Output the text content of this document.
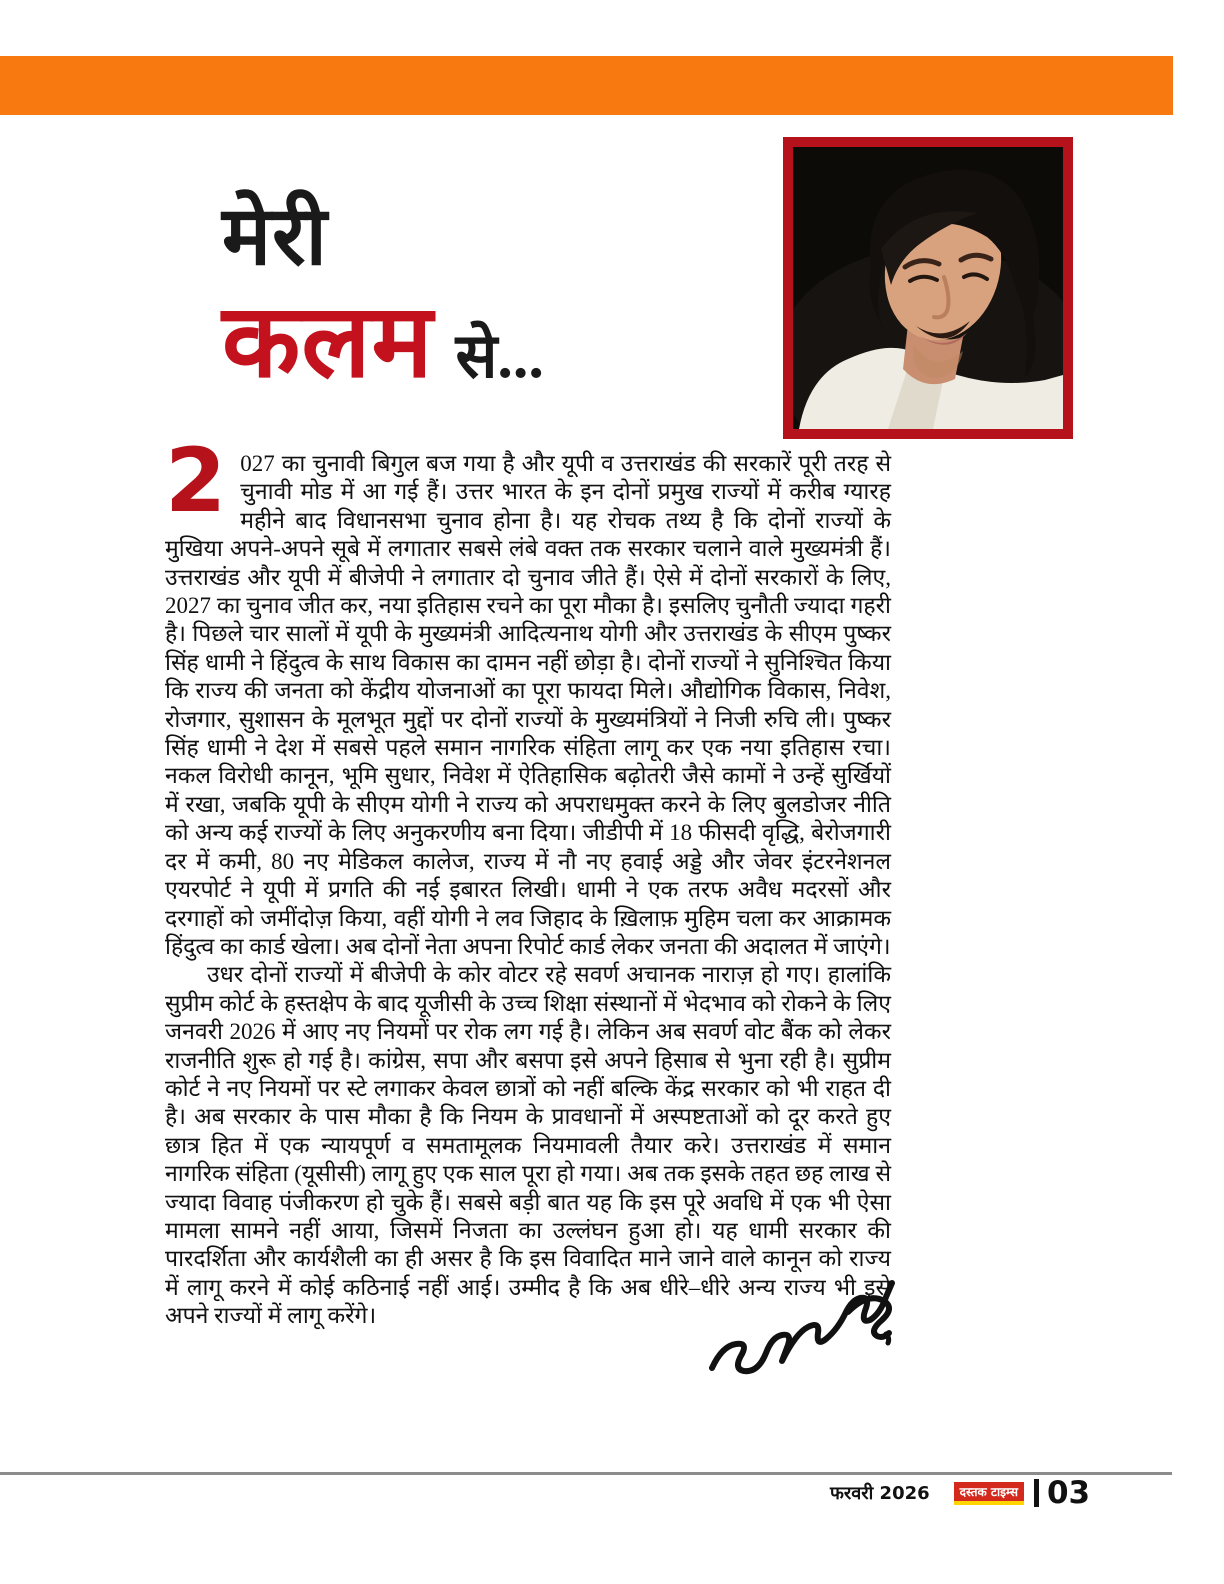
मेरी
कलम से...

2 027 का चुनावी बिगुल बज गया है और यूपी व उत्तराखंड की सरकारें पूरी तरह से चुनावी मोड में आ गई हैं। उत्तर भारत के इन दोनों प्रमुख राज्यों में करीब ग्यारह महीने बाद विधानसभा चुनाव होना है। यह रोचक तथ्य है कि दोनों राज्यों के मुखिया अपने-अपने सूबे में लगातार सबसे लंबे वक्त तक सरकार चलाने वाले मुख्यमंत्री हैं। उत्तराखंड और यूपी में बीजेपी ने लगातार दो चुनाव जीते हैं। ऐसे में दोनों सरकारों के लिए, 2027 का चुनाव जीत कर, नया इतिहास रचने का पूरा मौका है। इसलिए चुनौती ज्यादा गहरी है। पिछले चार सालों में यूपी के मुख्यमंत्री आदित्यनाथ योगी और उत्तराखंड के सीएम पुष्कर सिंह धामी ने हिंदुत्व के साथ विकास का दामन नहीं छोड़ा है। दोनों राज्यों ने सुनिश्चित किया कि राज्य की जनता को केंद्रीय योजनाओं का पूरा फायदा मिले। औद्योगिक विकास, निवेश, रोजगार, सुशासन के मूलभूत मुद्दों पर दोनों राज्यों के मुख्यमंत्रियों ने निजी रुचि ली। पुष्कर सिंह धामी ने देश में सबसे पहले समान नागरिक संहिता लागू कर एक नया इतिहास रचा। नकल विरोधी कानून, भूमि सुधार, निवेश में ऐतिहासिक बढ़ोतरी जैसे कामों ने उन्हें सुर्खियों में रखा, जबकि यूपी के सीएम योगी ने राज्य को अपराधमुक्त करने के लिए बुलडोजर नीति को अन्य कई राज्यों के लिए अनुकरणीय बना दिया। जीडीपी में 18 फीसदी वृद्धि, बेरोजगारी दर में कमी, 80 नए मेडिकल कालेज, राज्य में नौ नए हवाई अड्डे और जेवर इंटरनेशनल एयरपोर्ट ने यूपी में प्रगति की नई इबारत लिखी। धामी ने एक तरफ अवैध मदरसों और दरगाहों को जमींदोज़ किया, वहीं योगी ने लव जिहाद के ख़िलाफ़ मुहिम चला कर आक्रामक हिंदुत्व का कार्ड खेला। अब दोनों नेता अपना रिपोर्ट कार्ड लेकर जनता की अदालत में जाएंगे।

उधर दोनों राज्यों में बीजेपी के कोर वोटर रहे सवर्ण अचानक नाराज़ हो गए। हालांकि सुप्रीम कोर्ट के हस्तक्षेप के बाद यूजीसी के उच्च शिक्षा संस्थानों में भेदभाव को रोकने के लिए जनवरी 2026 में आए नए नियमों पर रोक लग गई है। लेकिन अब सवर्ण वोट बैंक को लेकर राजनीति शुरू हो गई है। कांग्रेस, सपा और बसपा इसे अपने हिसाब से भुना रही है। सुप्रीम कोर्ट ने नए नियमों पर स्टे लगाकर केवल छात्रों को नहीं बल्कि केंद्र सरकार को भी राहत दी है। अब सरकार के पास मौका है कि नियम के प्रावधानों में अस्पष्टताओं को दूर करते हुए छात्र हित में एक न्यायपूर्ण व समतामूलक नियमावली तैयार करे। उत्तराखंड में समान नागरिक संहिता (यूसीसी) लागू हुए एक साल पूरा हो गया। अब तक इसके तहत छह लाख से ज्यादा विवाह पंजीकरण हो चुके हैं। सबसे बड़ी बात यह कि इस पूरे अवधि में एक भी ऐसा मामला सामने नहीं आया, जिसमें निजता का उल्लंघन हुआ हो। यह धामी सरकार की पारदर्शिता और कार्यशैली का ही असर है कि इस विवादित माने जाने वाले कानून को राज्य में लागू करने में कोई कठिनाई नहीं आई। उम्मीद है कि अब धीरे–धीरे अन्य राज्य भी इसे अपने राज्यों में लागू करेंगे।

फरवरी 2026	दस्तक टाइम्स 03
